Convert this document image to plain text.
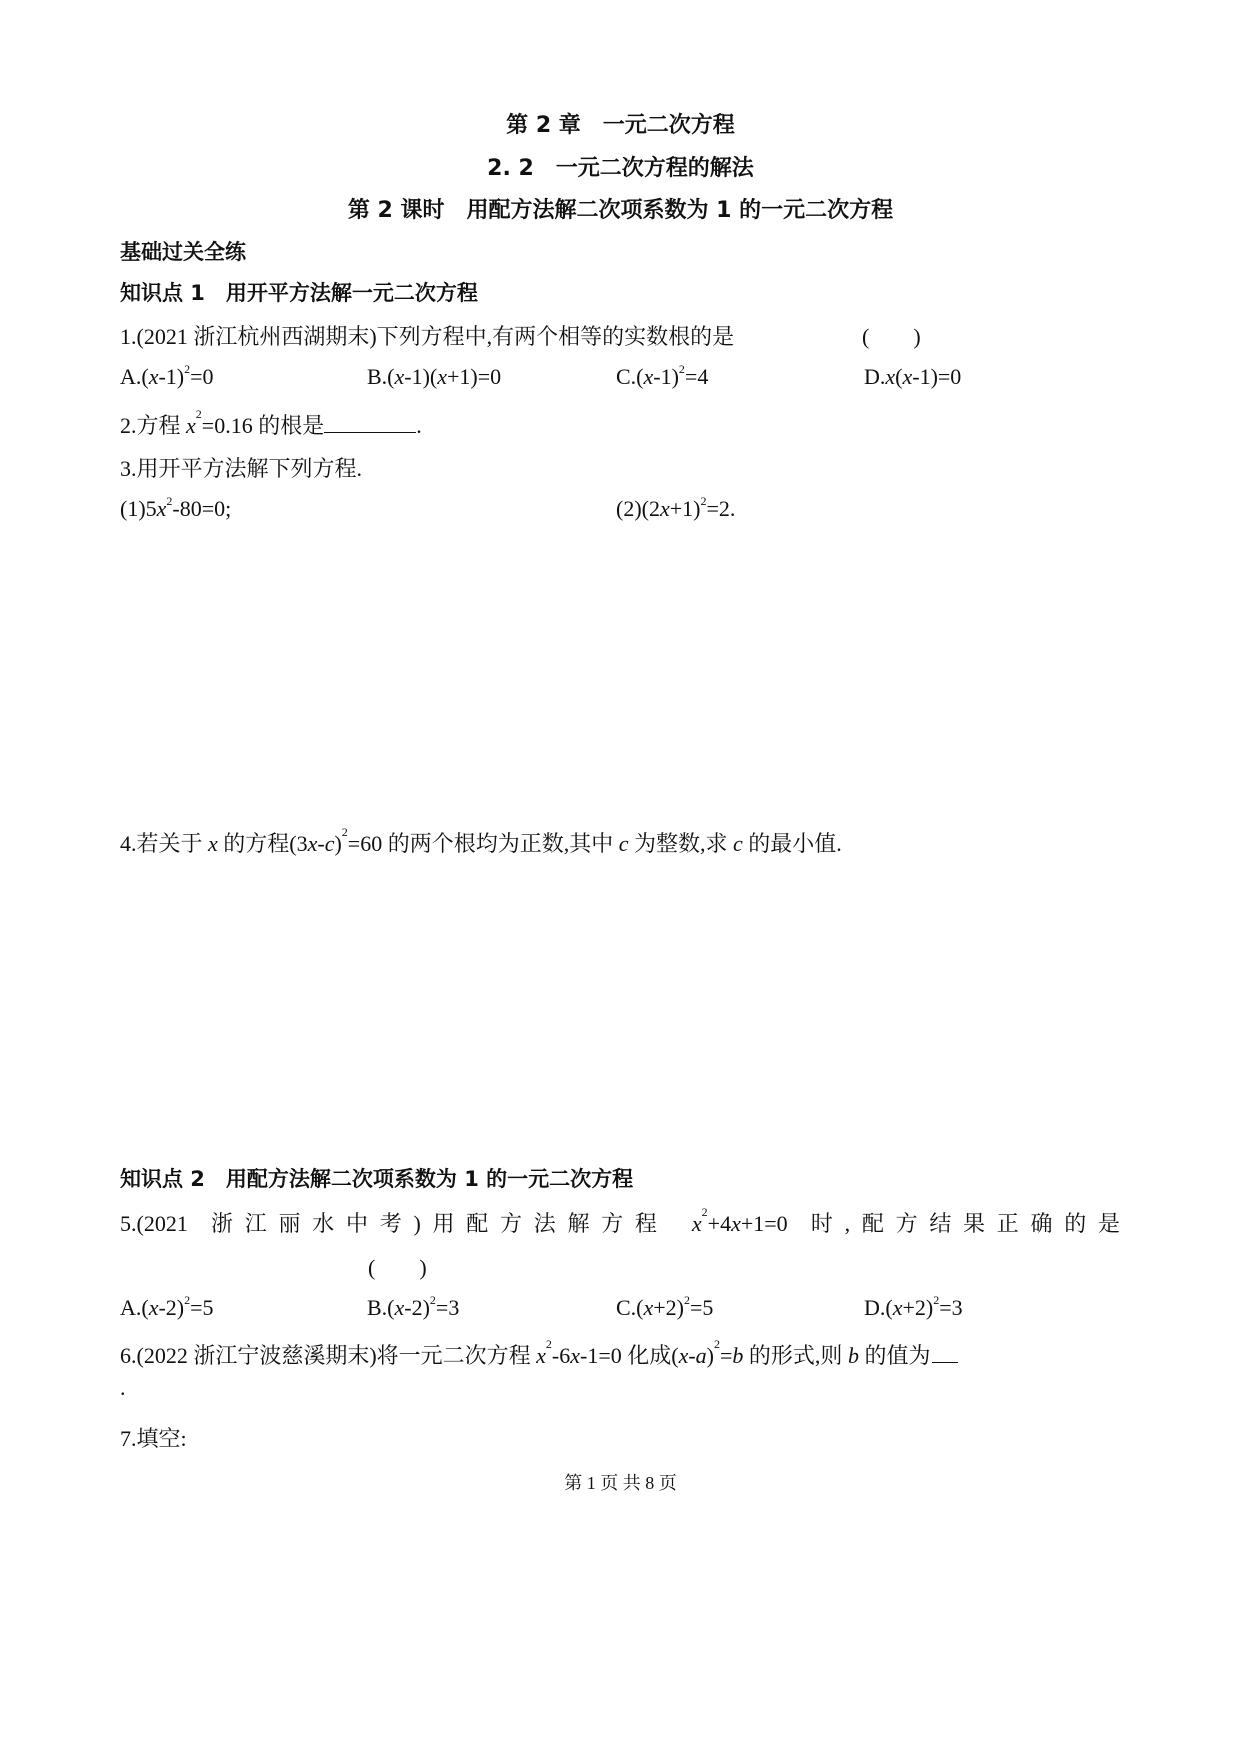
第 2 章　一元二次方程
2. 2　一元二次方程的解法
第 2 课时　用配方法解二次项系数为 1 的一元二次方程
基础过关全练
知识点 1　用开平方法解一元二次方程
1.(2021 浙江杭州西湖期末)下列方程中,有两个相等的实数根的是	(　　)
$A.(x-1)^2=0$	B.(x-1)(x+1)=0	$C.(x-1)^2=4$	D.x(x-1)=0
2.方程 $x^2=0.16$ 的根是	.
3.用开平方法解下列方程.
$(1)5x^2-80=0$;	$(2)(2x+1)^2=2$.
4.若关于 x 的方程$(3x-c)^2=60$ 的两个根均为正数,其中 c 为整数,求 c 的最小值.
知识点 2　用配方法解二次项系数为 1 的一元二次方程
5.(2021 浙江丽水中考)用配方法解方程 $x^2+4x+1=0$ 时,配方结果正确的是
(　　)
$A.(x-2)^2=5$	$B.(x-2)^2=3$	$C.(x+2)^2=5$	$D.(x+2)^2=3$
6.(2022 浙江宁波慈溪期末)将一元二次方程 $x^2-6x-1=0$ 化成$(x-a)^2=b$ 的形式,则 b 的值为
.
7.填空:
第 1 页 共 8 页
